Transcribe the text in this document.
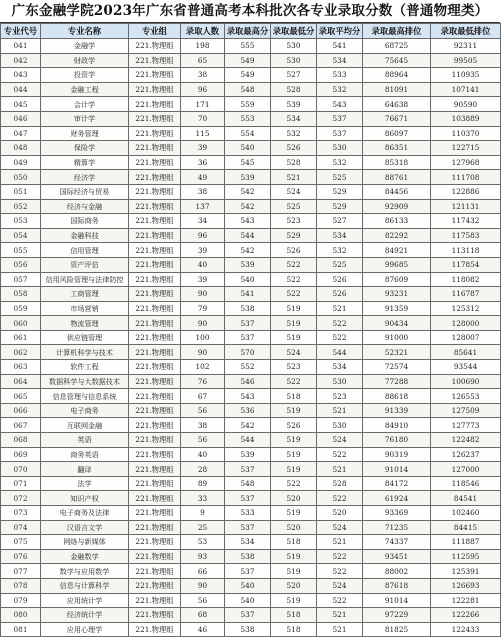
广东金融学院2023年广东省普通高考本科批次各专业录取分数（普通物理类）
专业代号	专业名称	专业组	录取人数	录取最高分	录取最低分	录取平均分	录取最高排位	录取最低排位
041	金融学	221.物理组	198	555	530	541	68725	92311
042	财政学	221.物理组	65	549	530	534	75645	99505
043	投资学	221.物理组	38	549	527	533	88964	110935
044	金融工程	221.物理组	96	548	528	532	81091	107141
045	会计学	221.物理组	171	559	539	543	64638	90590
046	审计学	221.物理组	70	553	534	537	76671	103889
047	财务管理	221.物理组	115	554	532	537	86097	110370
048	保险学	221.物理组	39	540	526	530	86351	122715
049	精算学	221.物理组	36	545	528	532	85318	127968
050	经济学	221.物理组	49	539	521	525	88761	111708
051	国际经济与贸易	221.物理组	38	542	524	529	84456	122886
052	经济与金融	221.物理组	137	542	525	529	92909	121131
053	国际商务	221.物理组	34	543	523	527	86133	117432
054	金融科技	221.物理组	96	544	529	534	82292	117583
055	信用管理	221.物理组	39	542	526	532	84921	113118
056	资产评估	221.物理组	40	539	522	525	99685	117854
057	信用风险管理与法律防控	221.物理组	39	540	522	526	87609	118082
058	工商管理	221.物理组	90	541	522	526	93231	116787
059	市场营销	221.物理组	79	538	519	521	91359	125312
060	物流管理	221.物理组	90	537	519	522	90434	128000
061	供应链管理	221.物理组	100	537	519	522	91000	128007
062	计算机科学与技术	221.物理组	90	570	524	544	52321	85641
063	软件工程	221.物理组	102	552	523	534	72574	93544
064	数据科学与大数据技术	221.物理组	76	546	522	530	77288	100690
065	信息管理与信息系统	221.物理组	67	543	518	523	88618	126553
066	电子商务	221.物理组	56	536	519	521	91339	127509
067	互联网金融	221.物理组	38	542	526	530	84910	127773
068	英语	221.物理组	56	544	519	524	76180	122482
069	商务英语	221.物理组	40	539	519	522	90319	126237
070	翻译	221.物理组	28	537	519	521	91014	127000
071	法学	221.物理组	89	548	522	528	84172	118546
072	知识产权	221.物理组	33	537	520	522	61924	84541
073	电子商务及法律	221.物理组	9	533	519	520	93369	102460
074	汉语言文学	221.物理组	25	537	520	524	71235	84415
075	网络与新媒体	221.物理组	53	534	518	521	74337	111887
076	金融数学	221.物理组	93	538	519	522	93451	112595
077	数学与应用数学	221.物理组	66	537	519	522	88002	125391
078	信息与计算科学	221.物理组	90	540	520	524	87618	126693
079	应用统计学	221.物理组	56	540	519	522	91014	122281
080	经济统计学	221.物理组	68	537	518	521	97229	122266
081	应用心理学	221.物理组	46	538	518	521	81825	122433
